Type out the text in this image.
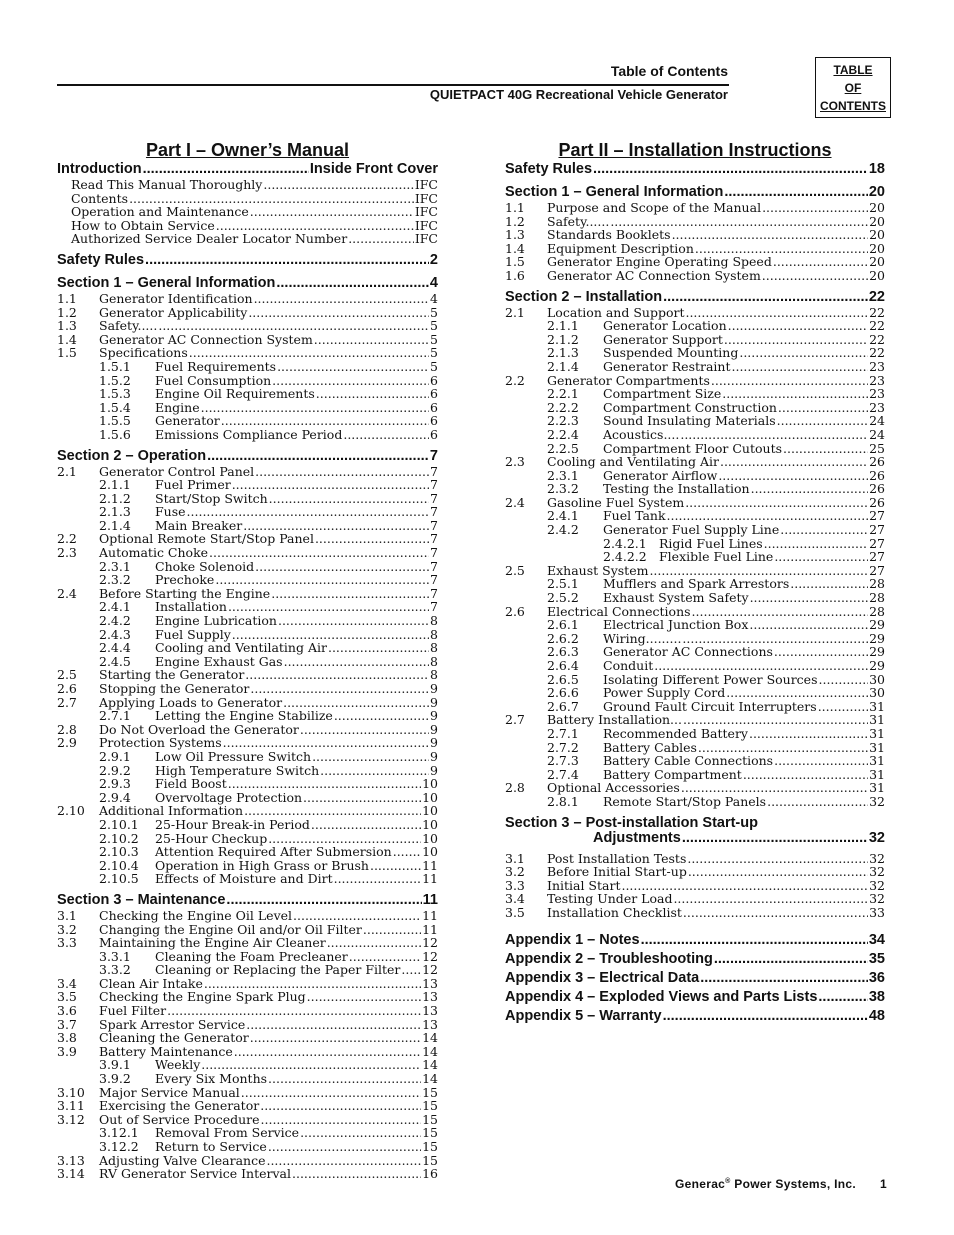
Table of Contents
QUIETPACT 40G Recreational Vehicle Generator
TABLE
OF
CONTENTS
Part I – Owner’s Manual
Introduction .....	Inside Front Cover
Read This Manual Thoroughly .....	IFC
Contents .....	IFC
Operation and Maintenance .....	IFC
How to Obtain Service .....	IFC
Authorized Service Dealer Locator Number .....	IFC
Safety Rules .....	2
Section 1 – General Information .....	4
1.1	Generator Identification .....	4
1.2	Generator Applicability .....	5
1.3	Safety..... .....	5
1.4	Generator AC Connection System .....	5
1.5	Specifications .....	5
1.5.1	Fuel Requirements .....	5
1.5.2	Fuel Consumption .....	6
1.5.3	Engine Oil Requirements .....	6
1.5.4	Engine .....	6
1.5.5	Generator .....	6
1.5.6	Emissions Compliance Period .....	6
Section 2 – Operation .....	7
2.1	Generator Control Panel .....	7
2.1.1	Fuel Primer .....	7
2.1.2	Start/Stop Switch .....	7
2.1.3	Fuse .....	7
2.1.4	Main Breaker .....	7
2.2	Optional Remote Start/Stop Panel .....	7
2.3	Automatic Choke .....	7
2.3.1	Choke Solenoid .....	7
2.3.2	Prechoke .....	7
2.4	Before Starting the Engine .....	7
2.4.1	Installation .....	7
2.4.2	Engine Lubrication .....	8
2.4.3	Fuel Supply .....	8
2.4.4	Cooling and Ventilating Air .....	8
2.4.5	Engine Exhaust Gas .....	8
2.5	Starting the Generator .....	8
2.6	Stopping the Generator .....	9
2.7	Applying Loads to Generator .....	9
2.7.1	Letting the Engine Stabilize .....	9
2.8	Do Not Overload the Generator .....	9
2.9	Protection Systems .....	9
2.9.1	Low Oil Pressure Switch .....	9
2.9.2	High Temperature Switch .....	9
2.9.3	Field Boost .....	10
2.9.4	Overvoltage Protection .....	10
2.10	Additional Information .....	10
2.10.1	25-Hour Break-in Period .....	10
2.10.2	25-Hour Checkup .....	10
2.10.3	Attention Required After Submersion ..... 10
2.10.4	Operation in High Grass or Brush .....	11
2.10.5	Effects of Moisture and Dirt .....	11
Section 3 – Maintenance .....	11
3.1	Checking the Engine Oil Level .....	11
3.2	Changing the Engine Oil and/or Oil Filter .....	11
3.3	Maintaining the Engine Air Cleaner .....	12
3.3.1	Cleaning the Foam Precleaner .....	12
3.3.2	Cleaning or Replacing the Paper Filter ..... 12
3.4	Clean Air Intake .....	13
3.5	Checking the Engine Spark Plug .....	13
3.6	Fuel Filter .....	13
3.7	Spark Arrestor Service .....	13
3.8	Cleaning the Generator .....	14
3.9	Battery Maintenance .....	14
3.9.1	Weekly .....	14
3.9.2	Every Six Months .....	14
3.10	Major Service Manual .....	15
3.11	Exercising the Generator .....	15
3.12	Out of Service Procedure .....	15
3.12.1	Removal From Service .....	15
3.12.2	Return to Service .....	15
3.13	Adjusting Valve Clearance .....	15
3.14	RV Generator Service Interval .....	16
Part II – Installation Instructions
Safety Rules .....	18
Section 1 – General Information .....	20
1.1	Purpose and Scope of the Manual .....	20
1.2	Safety...... .....	20
1.3	Standards Booklets .....	20
1.4	Equipment Description .....	20
1.5	Generator Engine Operating Speed .....	20
1.6	Generator AC Connection System .....	20
Section 2 – Installation .....	22
2.1	Location and Support .....	22
2.1.1	Generator Location .....	22
2.1.2	Generator Support .....	22
2.1.3	Suspended Mounting .....	22
2.1.4	Generator Restraint .....	23
2.2	Generator Compartments .....	23
2.2.1	Compartment Size .....	23
2.2.2	Compartment Construction .....	23
2.2.3	Sound Insulating Materials .....	24
2.2.4	Acoustics.... .....	24
2.2.5	Compartment Floor Cutouts .....	25
2.3	Cooling and Ventilating Air .....	26
2.3.1	Generator Airflow .....	26
2.3.2	Testing the Installation .....	26
2.4	Gasoline Fuel System .....	26
2.4.1	Fuel Tank .....	27
2.4.2	Generator Fuel Supply Line .....	27
2.4.2.1 Rigid Fuel Lines .....	27
2.4.2.2 Flexible Fuel Line .....	27
2.5	Exhaust System .....	27
2.5.1	Mufflers and Spark Arrestors .....	28
2.5.2	Exhaust System Safety .....	28
2.6	Electrical Connections .....	28
2.6.1	Electrical Junction Box .....	29
2.6.2	Wiring......... .....	29
2.6.3	Generator AC Connections .....	29
2.6.4	Conduit .....	29
2.6.5	Isolating Different Power Sources .....	30
2.6.6	Power Supply Cord .....	30
2.6.7	Ground Fault Circuit Interrupters .....	31
2.7	Battery Installation... .....	31
2.7.1	Recommended Battery .....	31
2.7.2	Battery Cables .....	31
2.7.3	Battery Cable Connections .....	31
2.7.4	Battery Compartment .....	31
2.8	Optional Accessories .....	31
2.8.1	Remote Start/Stop Panels .....	32
Section 3 – Post-installation Start-up
Adjustments .....	32
3.1	Post Installation Tests .....	32
3.2	Before Initial Start-up .....	32
3.3	Initial Start .....	32
3.4	Testing Under Load .....	32
3.5	Installation Checklist .....	33
Appendix 1 – Notes .....	34
Appendix 2 – Troubleshooting .....	35
Appendix 3 – Electrical Data .....	36
Appendix 4 – Exploded Views and Parts Lists .....	38
Appendix 5 – Warranty .....	48
Generac® Power Systems, Inc. 1
